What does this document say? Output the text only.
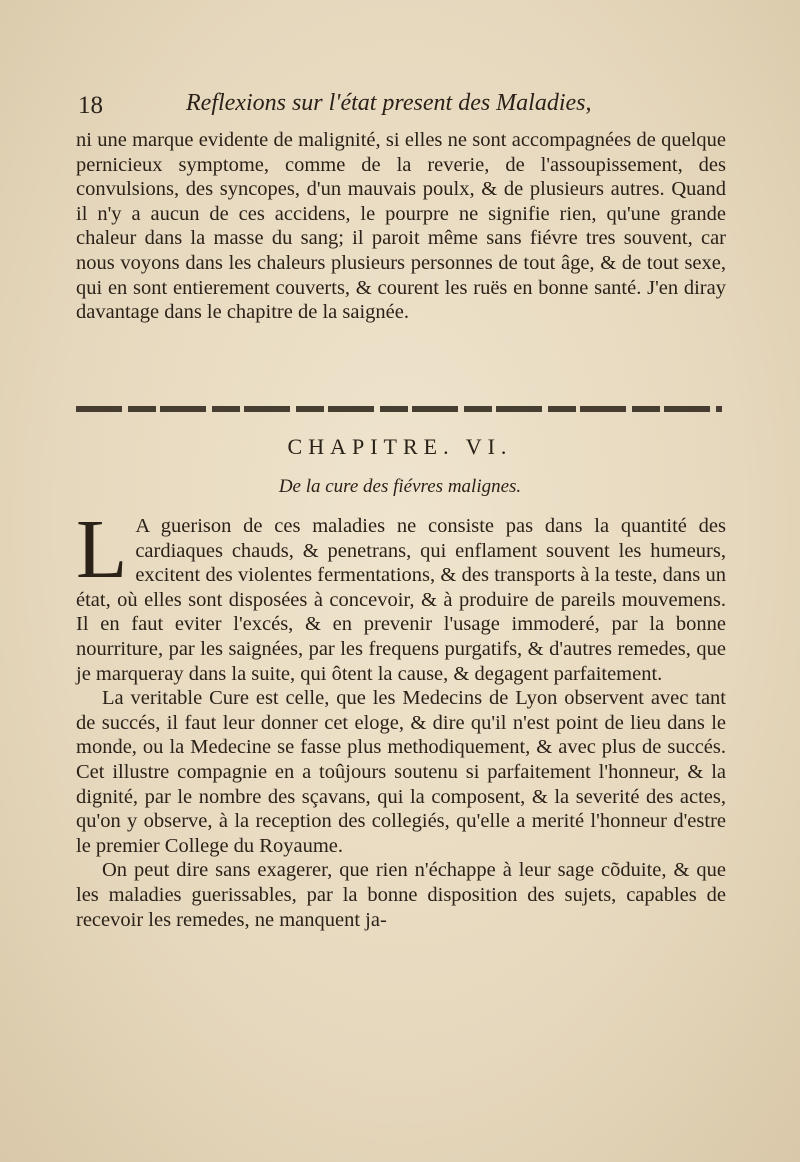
18	Reflexions sur l'état present des Maladies,

ni une marque evidente de malignité, si elles ne sont accompagnées de quelque pernicieux symptome, comme de la reverie, de l'assoupissement, des convulsions, des syncopes, d'un mauvais poulx, & de plusieurs autres. Quand il n'y a aucun de ces accidens, le pourpre ne signifie rien, qu'une grande chaleur dans la masse du sang; il paroit même sans fiévre tres souvent, car nous voyons dans les chaleurs plusieurs personnes de tout âge, & de tout sexe, qui en sont entierement couverts, & courent les ruës en bonne santé. J'en diray davantage dans le chapitre de la saignée.

CHAPITRE. VI.
De la cure des fiévres malignes.

L A guerison de ces maladies ne consiste pas dans la quantité des cardiaques chauds, & penetrans, qui enflament souvent les humeurs, excitent des violentes fermentations, & des transports à la teste, dans un état, où elles sont disposées à concevoir, & à produire de pareils mouvemens. Il en faut eviter l'excés, & en prevenir l'usage immoderé, par la bonne nourriture, par les saignées, par les frequens purgatifs, & d'autres remedes, que je marqueray dans la suite, qui ôtent la cause, & degagent parfaitement.

La veritable Cure est celle, que les Medecins de Lyon observent avec tant de succés, il faut leur donner cet eloge, & dire qu'il n'est point de lieu dans le monde, ou la Medecine se fasse plus methodiquement, & avec plus de succés. Cet illustre compagnie en a toûjours soutenu si parfaitement l'honneur, & la dignité, par le nombre des sçavans, qui la composent, & la severité des actes, qu'on y observe, à la reception des collegiés, qu'elle a merité l'honneur d'estre le premier College du Royaume.

On peut dire sans exagerer, que rien n'échappe à leur sage cõduite, & que les maladies guerissables, par la bonne disposition des sujets, capables de recevoir les remedes, ne manquent ja-
